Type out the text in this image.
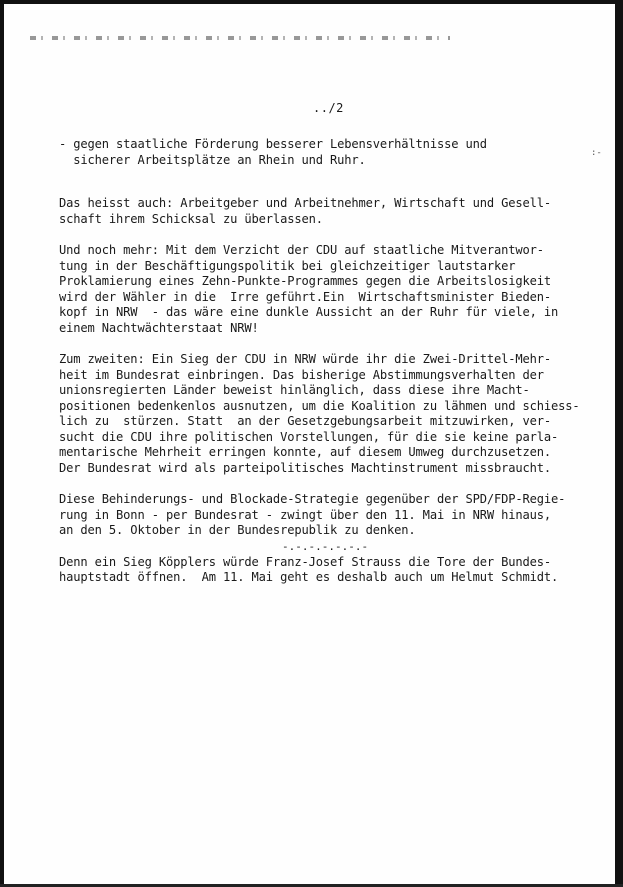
../2
:-
- gegen staatliche Förderung besserer Lebensverhältnisse und
sicherer Arbeitsplätze an Rhein und Ruhr.
Das heisst auch: Arbeitgeber und Arbeitnehmer, Wirtschaft und Gesell-
schaft ihrem Schicksal zu überlassen.
Und noch mehr: Mit dem Verzicht der CDU auf staatliche Mitverantwor-
tung in der Beschäftigungspolitik bei gleichzeitiger lautstarker
Proklamierung eines Zehn-Punkte-Programmes gegen die Arbeitslosigkeit
wird der Wähler in die  Irre geführt.Ein  Wirtschaftsminister Bieden-
kopf in NRW  - das wäre eine dunkle Aussicht an der Ruhr für viele, in
einem Nachtwächterstaat NRW!
Zum zweiten: Ein Sieg der CDU in NRW würde ihr die Zwei-Drittel-Mehr-
heit im Bundesrat einbringen. Das bisherige Abstimmungsverhalten der
unionsregierten Länder beweist hinlänglich, dass diese ihre Macht-
positionen bedenkenlos ausnutzen, um die Koalition zu lähmen und schiess-
lich zu  stürzen. Statt  an der Gesetzgebungsarbeit mitzuwirken, ver-
sucht die CDU ihre politischen Vorstellungen, für die sie keine parla-
mentarische Mehrheit erringen konnte, auf diesem Umweg durchzusetzen.
Der Bundesrat wird als parteipolitisches Machtinstrument missbraucht.
Diese Behinderungs- und Blockade-Strategie gegenüber der SPD/FDP-Regie-
rung in Bonn - per Bundesrat - zwingt über den 11. Mai in NRW hinaus,
an den 5. Oktober in der Bundesrepublik zu denken.
Denn ein Sieg Köpplers würde Franz-Josef Strauss die Tore der Bundes-
hauptstadt öffnen.  Am 11. Mai geht es deshalb auch um Helmut Schmidt.
-.-.-.-.-.-.-
